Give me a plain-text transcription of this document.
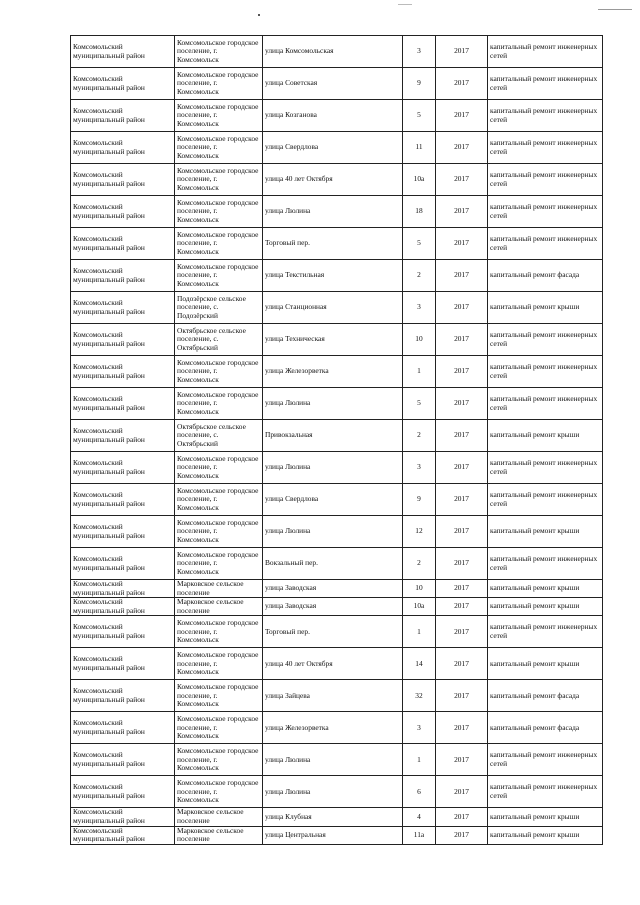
Комсомольский муниципальный район	Комсомольское городское поселение, г. Комсомольск	улица Комсомольская	3	2017	капитальный ремонт инженерных сетей
Комсомольский муниципальный район	Комсомольское городское поселение, г. Комсомольск	улица Советская	9	2017	капитальный ремонт инженерных сетей
Комсомольский муниципальный район	Комсомольское городское поселение, г. Комсомольск	улица Козганова	5	2017	капитальный ремонт инженерных сетей
Комсомольский муниципальный район	Комсомольское городское поселение, г. Комсомольск	улица Свердлова	11	2017	капитальный ремонт инженерных сетей
Комсомольский муниципальный район	Комсомольское городское поселение, г. Комсомольск	улица 40 лет Октября	10а	2017	капитальный ремонт инженерных сетей
Комсомольский муниципальный район	Комсомольское городское поселение, г. Комсомольск	улица Люлина	18	2017	капитальный ремонт инженерных сетей
Комсомольский муниципальный район	Комсомольское городское поселение, г. Комсомольск	Торговый пер.	5	2017	капитальный ремонт инженерных сетей
Комсомольский муниципальный район	Комсомольское городское поселение, г. Комсомольск	улица Текстильная	2	2017	капитальный ремонт фасада
Комсомольский муниципальный район	Подозёрское сельское поселение, с. Подозёрский	улица Станционная	3	2017	капитальный ремонт крыши
Комсомольский муниципальный район	Октябрьское сельское поселение, с. Октябрьский	улица Техническая	10	2017	капитальный ремонт инженерных сетей
Комсомольский муниципальный район	Комсомольское городское поселение, г. Комсомольск	улица Железорветка	1	2017	капитальный ремонт инженерных сетей
Комсомольский муниципальный район	Комсомольское городское поселение, г. Комсомольск	улица Люлина	5	2017	капитальный ремонт инженерных сетей
Комсомольский муниципальный район	Октябрьское сельское поселение, с. Октябрьский	Привокзальная	2	2017	капитальный ремонт крыши
Комсомольский муниципальный район	Комсомольское городское поселение, г. Комсомольск	улица Люлина	3	2017	капитальный ремонт инженерных сетей
Комсомольский муниципальный район	Комсомольское городское поселение, г. Комсомольск	улица Свердлова	9	2017	капитальный ремонт инженерных сетей
Комсомольский муниципальный район	Комсомольское городское поселение, г. Комсомольск	улица Люлина	12	2017	капитальный ремонт крыши
Комсомольский муниципальный район	Комсомольское городское поселение, г. Комсомольск	Вокзальный пер.	2	2017	капитальный ремонт инженерных сетей
Комсомольский муниципальный район	Марковское сельское поселение	улица Заводская	10	2017	капитальный ремонт крыши
Комсомольский муниципальный район	Марковское сельское поселение	улица Заводская	10а	2017	капитальный ремонт крыши
Комсомольский муниципальный район	Комсомольское городское поселение, г. Комсомольск	Торговый пер.	1	2017	капитальный ремонт инженерных сетей
Комсомольский муниципальный район	Комсомольское городское поселение, г. Комсомольск	улица 40 лет Октября	14	2017	капитальный ремонт крыши
Комсомольский муниципальный район	Комсомольское городское поселение, г. Комсомольск	улица Зайцева	32	2017	капитальный ремонт фасада
Комсомольский муниципальный район	Комсомольское городское поселение, г. Комсомольск	улица Железорветка	3	2017	капитальный ремонт фасада
Комсомольский муниципальный район	Комсомольское городское поселение, г. Комсомольск	улица Люлина	1	2017	капитальный ремонт инженерных сетей
Комсомольский муниципальный район	Комсомольское городское поселение, г. Комсомольск	улица Люлина	6	2017	капитальный ремонт инженерных сетей
Комсомольский муниципальный район	Марковское сельское поселение	улица Клубная	4	2017	капитальный ремонт крыши
Комсомольский муниципальный район	Марковское сельское поселение	улица Центральная	11а	2017	капитальный ремонт крыши
